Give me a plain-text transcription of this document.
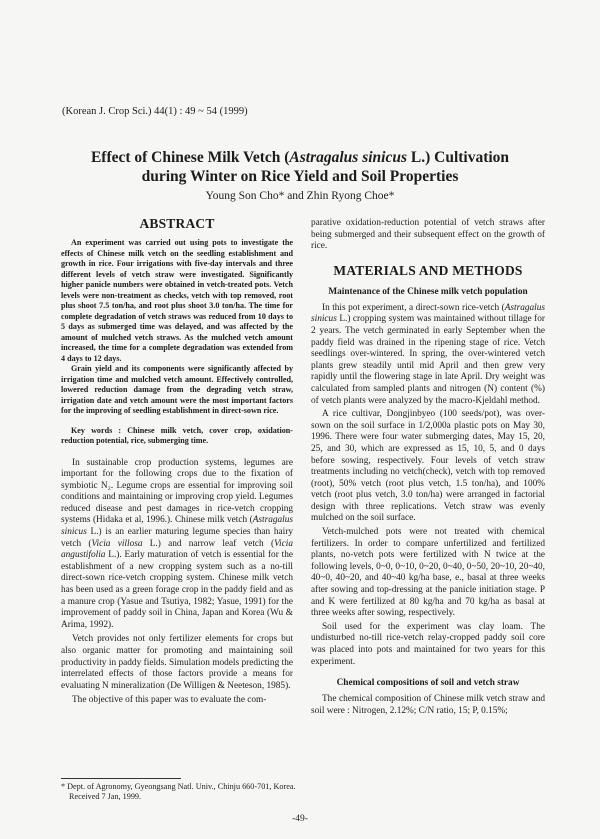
(Korean J. Crop Sci.) 44(1) : 49 ~ 54 (1999)
Effect of Chinese Milk Vetch (Astragalus sinicus L.) Cultivation
during Winter on Rice Yield and Soil Properties
Young Son Cho* and Zhin Ryong Choe*
ABSTRACT

An experiment was carried out using pots to investigate the effects of Chinese milk vetch on the seedling establishment and growth in rice. Four irrigations with five-day intervals and three different levels of vetch straw were investigated. Significantly higher panicle numbers were obtained in vetch-treated pots. Vetch levels were non-treatment as checks, vetch with top removed, root plus shoot 7.5 ton/ha, and root plus shoot 3.0 ton/ha. The time for complete degradation of vetch straws was reduced from 10 days to 5 days as submerged time was delayed, and was affected by the amount of mulched vetch straws. As the mulched vetch amount increased, the time for a complete degradation was extended from 4 days to 12 days.

Grain yield and its components were significantly affected by irrigation time and mulched vetch amount. Effectively controlled, lowered reduction damage from the degrading vetch straw, irrigation date and vetch amount were the most important factors for the improving of seedling establishment in direct-sown rice.

Key words : Chinese milk vetch, cover crop, oxidation-reduction potential, rice, submerging time.

In sustainable crop production systems, legumes are important for the following crops due to the fixation of symbiotic N₂. Legume crops are essential for improving soil conditions and maintaining or improving crop yield. Legumes reduced disease and pest damages in rice-vetch cropping systems (Hidaka et al, 1996.). Chinese milk vetch (Astragalus sinicus L.) is an earlier maturing legume species than hairy vetch (Vicia villosa L.) and narrow leaf vetch (Vicia angustifolia L.). Early maturation of vetch is essential for the establishment of a new cropping system such as a no-till direct-sown rice-vetch cropping system. Chinese milk vetch has been used as a green forage crop in the paddy field and as a manure crop (Yasue and Tsutiya, 1982; Yasue, 1991) for the improvement of paddy soil in China, Japan and Korea (Wu & Arima, 1992).

Vetch provides not only fertilizer elements for crops but also organic matter for promoting and maintaining soil productivity in paddy fields. Simulation models predicting the interrelated effects of those factors provide a means for evaluating N mineralization (De Willigen & Neeteson, 1985).

The objective of this paper was to evaluate the com-

parative oxidation-reduction potential of vetch straws after being submerged and their subsequent effect on the growth of rice.

MATERIALS AND METHODS
Maintenance of the Chinese milk vetch population

In this pot experiment, a direct-sown rice-vetch (Astragalus sinicus L.) cropping system was maintained without tillage for 2 years. The vetch germinated in early September when the paddy field was drained in the ripening stage of rice. Vetch seedlings over-wintered. In spring, the over-wintered vetch plants grew steadily until mid April and then grew very rapidly until the flowering stage in late April. Dry weight was calculated from sampled plants and nitrogen (N) content (%) of vetch plants were analyzed by the macro-Kjeldahl method.

A rice cultivar, Dongjinbyeo (100 seeds/pot), was over-sown on the soil surface in 1/2,000a plastic pots on May 30, 1996. There were four water submerging dates, May 15, 20, 25, and 30, which are expressed as 15, 10, 5, and 0 days before sowing, respectively. Four levels of vetch straw treatments including no vetch(check), vetch with top removed (root), 50% vetch (root plus vetch, 1.5 ton/ha), and 100% vetch (root plus vetch, 3.0 ton/ha) were arranged in factorial design with three replications. Vetch straw was evenly mulched on the soil surface.

Vetch-mulched pots were not treated with chemical fertilizers. In order to compare unfertilized and fertilized plants, no-vetch pots were fertilized with N twice at the following levels, 0~0, 0~10, 0~20, 0~40, 0~50, 20~10, 20~40, 40~0, 40~20, and 40~40 kg/ha base, e., basal at three weeks after sowing and top-dressing at the panicle initiation stage. P and K were fertilized at 80 kg/ha and 70 kg/ha as basal at three weeks after sowing, respectively.

Soil used for the experiment was clay loam. The undisturbed no-till rice-vetch relay-cropped paddy soil core was placed into pots and maintained for two years for this experiment.

Chemical compositions of soil and vetch straw

The chemical composition of Chinese milk vetch straw and soil were : Nitrogen, 2.12%; C/N ratio, 15; P, 0.15%;

* Dept. of Agronomy, Gyeongsang Natl. Univ., Chinju 660-701, Korea.
Received 7 Jan, 1999.
-49-
